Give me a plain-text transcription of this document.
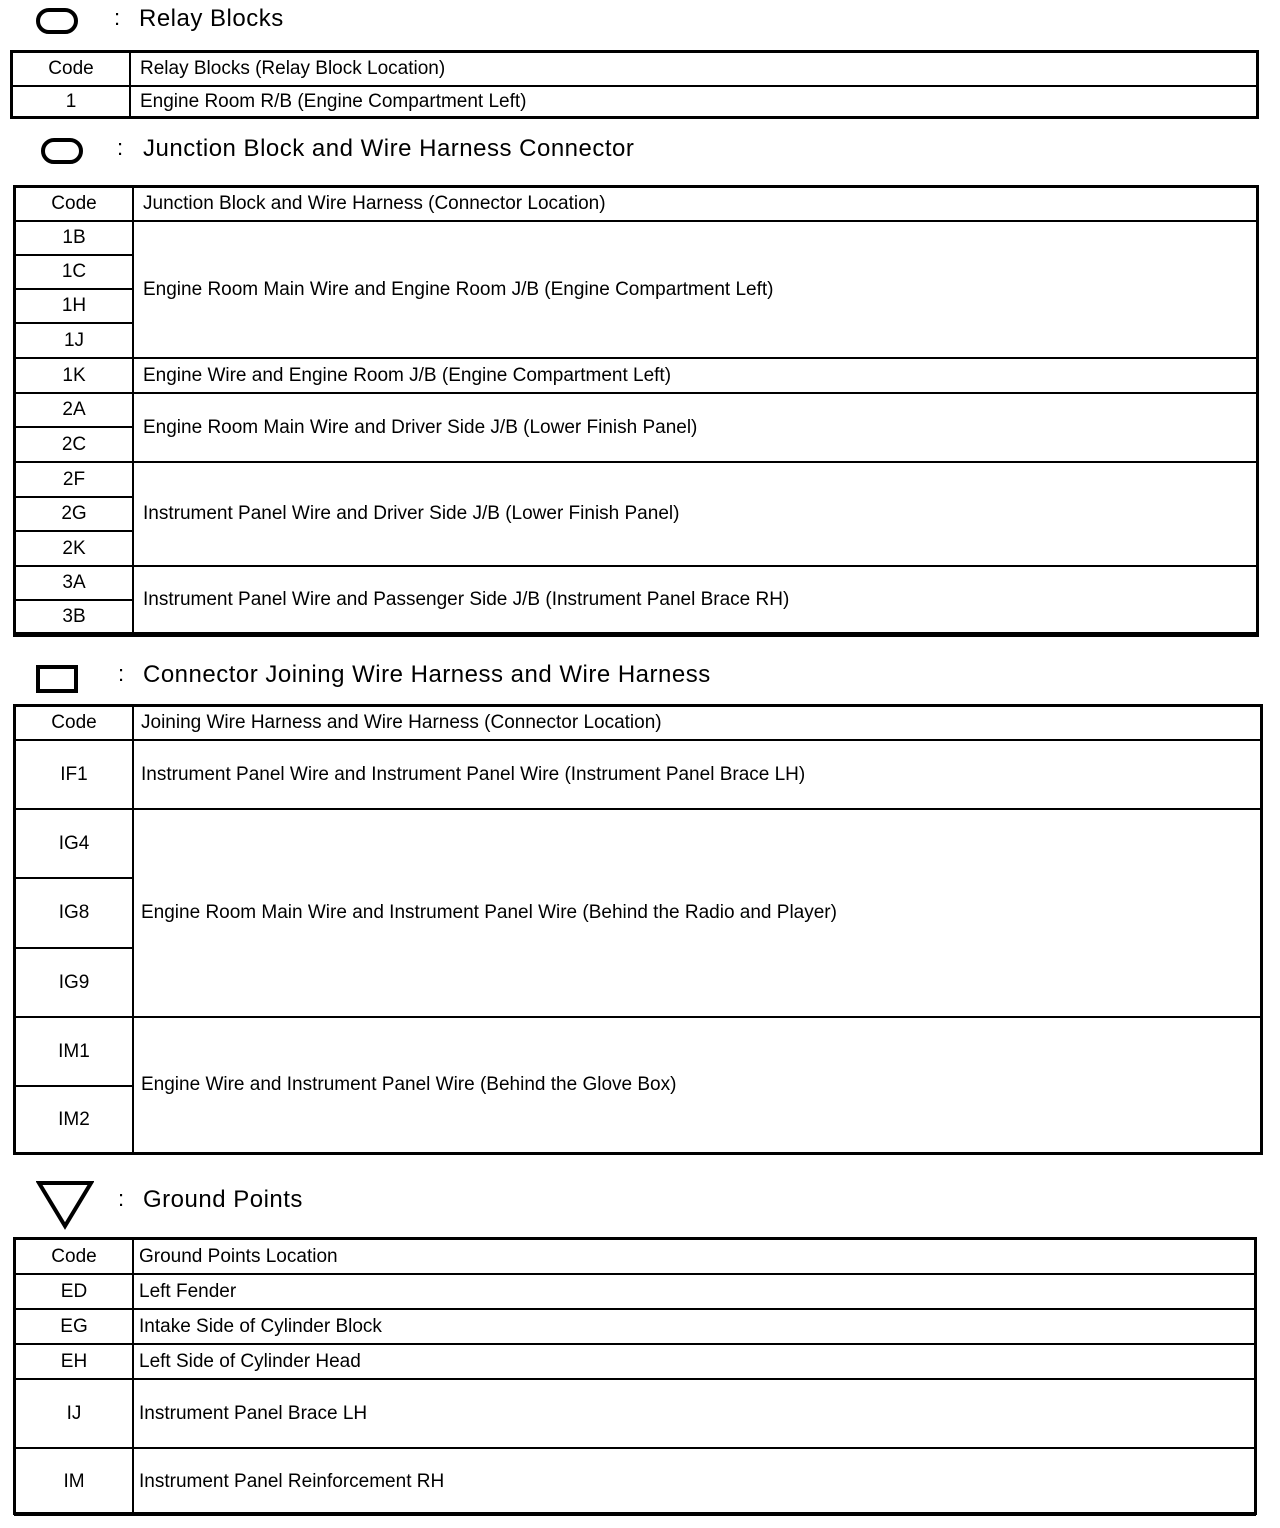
: Relay Blocks
Code	Relay Blocks (Relay Block Location)
1	Engine Room R/B (Engine Compartment Left)
: Junction Block and Wire Harness Connector
Code	Junction Block and Wire Harness (Connector Location)
1B	Engine Room Main Wire and Engine Room J/B (Engine Compartment Left)
1C	
1H	
1J	
1K	Engine Wire and Engine Room J/B (Engine Compartment Left)
2A	Engine Room Main Wire and Driver Side J/B (Lower Finish Panel)
2C	
2F	Instrument Panel Wire and Driver Side J/B (Lower Finish Panel)
2G	
2K	
3A	Instrument Panel Wire and Passenger Side J/B (Instrument Panel Brace RH)
3B	
: Connector Joining Wire Harness and Wire Harness
Code	Joining Wire Harness and Wire Harness (Connector Location)
IF1	Instrument Panel Wire and Instrument Panel Wire (Instrument Panel Brace LH)
IG4	Engine Room Main Wire and Instrument Panel Wire (Behind the Radio and Player)
IG8	
IG9	
IM1	Engine Wire and Instrument Panel Wire (Behind the Glove Box)
IM2	
: Ground Points
Code	Ground Points Location
ED	Left Fender
EG	Intake Side of Cylinder Block
EH	Left Side of Cylinder Head
IJ	Instrument Panel Brace LH
IM	Instrument Panel Reinforcement RH
